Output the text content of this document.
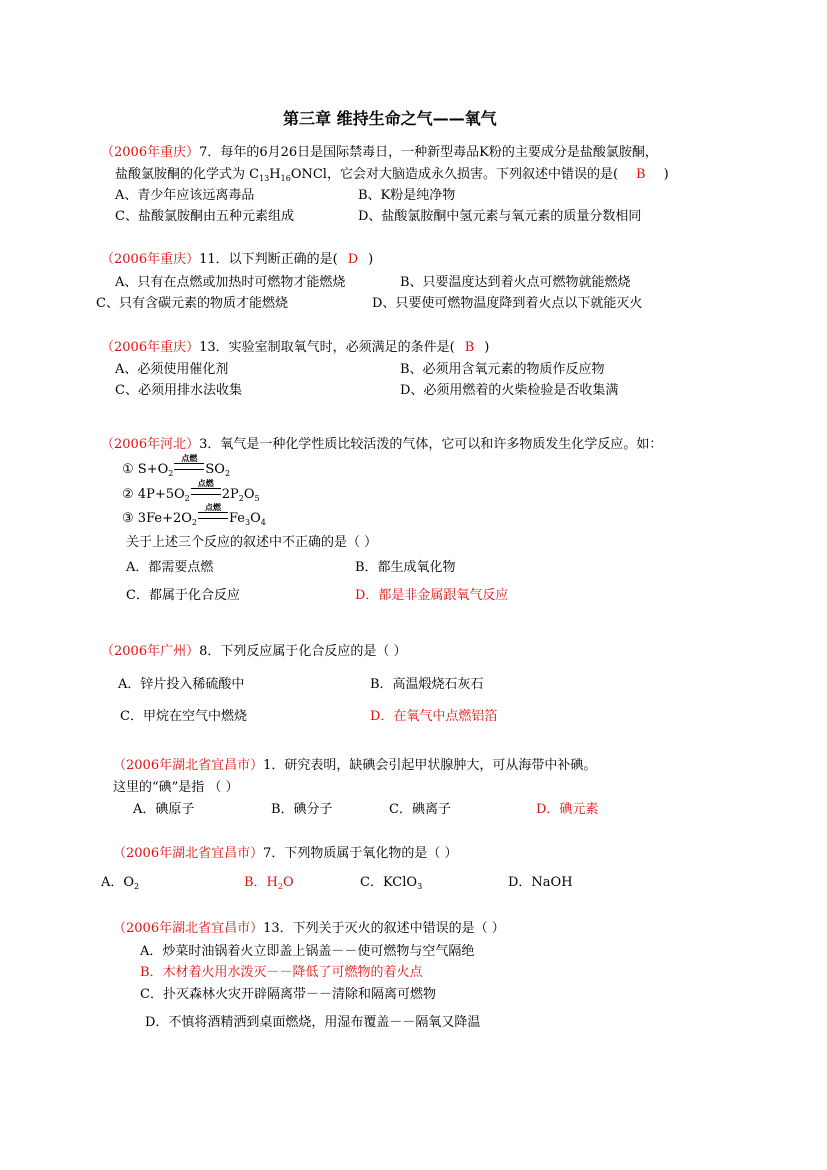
第三章 维持生命之气——氧气
（2006年重庆）7．每年的6月26日是国际禁毒日，一种新型毒品K粉的主要成分是盐酸氯胺酮，
盐酸氯胺酮的化学式为 $C_{13}H_{16}ONCl$，它会对大脑造成永久损害。下列叙述中错误的是( B )
A、青少年应该远离毒品	B、K粉是纯净物
C、盐酸氯胺酮由五种元素组成	D、盐酸氯胺酮中氢元素与氧元素的质量分数相同
（2006年重庆）11．以下判断正确的是( D )
A、只有在点燃或加热时可燃物才能燃烧	B、只要温度达到着火点可燃物就能燃烧
C、只有含碳元素的物质才能燃烧	D、只要使可燃物温度降到着火点以下就能灭火
（2006年重庆）13．实验室制取氧气时，必须满足的条件是( B )
A、必须使用催化剂	B、必须用含氧元素的物质作反应物
C、必须用排水法收集	D、必须用燃着的火柴检验是否收集满
（2006年河北）3．氧气是一种化学性质比较活泼的气体，它可以和许多物质发生化学反应。如：
① $S+O_2$
点燃
$SO_2$
② $4P+5O_2$
点燃
$2P_2O_5$
③ $3Fe+2O_2$
点燃
$Fe_3O_4$
关于上述三个反应的叙述中不正确的是（ ）
A．都需要点燃	B．都生成氧化物
C．都属于化合反应	D．都是非金属跟氧气反应
（2006年广州）8．下列反应属于化合反应的是（ ）
A．锌片投入稀硫酸中	B．高温煅烧石灰石
C．甲烷在空气中燃烧	D．在氧气中点燃铝箔
（2006年湖北省宜昌市）1．研究表明，缺碘会引起甲状腺肿大，可从海带中补碘。
这里的“碘”是指 （ ）
A．碘原子	B．碘分子	C．碘离子	D．碘元素
（2006年湖北省宜昌市）7．下列物质属于氧化物的是（ ）
A．$O_2$	B．$H_2O$	C．KClO$_3$	D．NaOH
（2006年湖北省宜昌市）13．下列关于灭火的叙述中错误的是（ ）
A．炒菜时油锅着火立即盖上锅盖－－使可燃物与空气隔绝
B．木材着火用水泼灭－－降低了可燃物的着火点
C．扑灭森林火灾开辟隔离带－－清除和隔离可燃物
D．不慎将酒精洒到桌面燃烧，用湿布覆盖－－隔氧又降温
